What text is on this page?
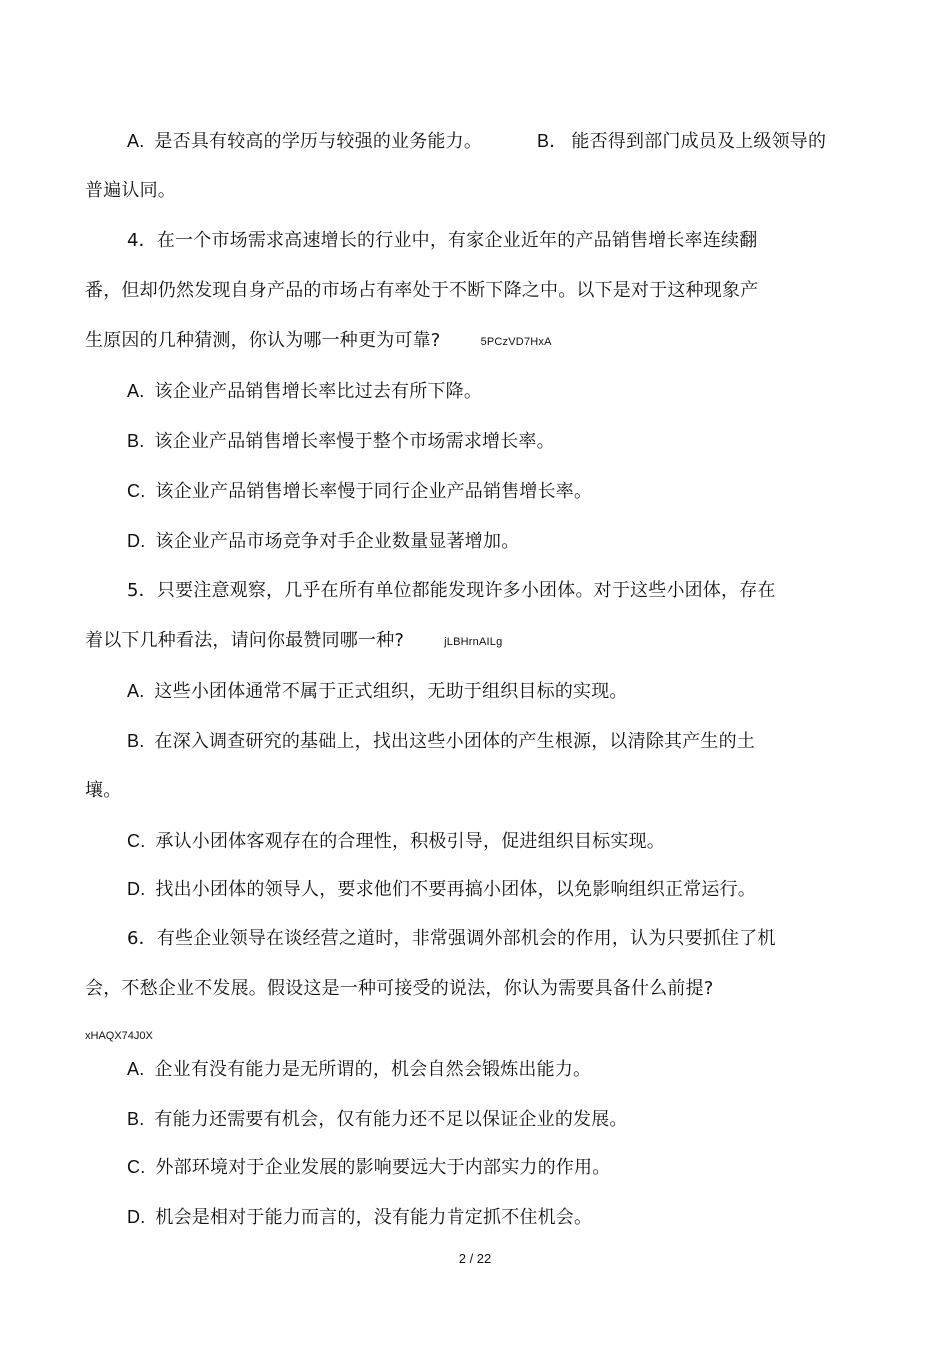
A. 是否具有较高的学历与较强的业务能力。	B． 能否得到部门成员及上级领导的
普遍认同。
4．在一个市场需求高速增长的行业中，有家企业近年的产品销售增长率连续翻
番，但却仍然发现自身产品的市场占有率处于不断下降之中。以下是对于这种现象产
生原因的几种猜测，你认为哪一种更为可靠?	5PCzVD7HxA
A. 该企业产品销售增长率比过去有所下降。
B. 该企业产品销售增长率慢于整个市场需求增长率。
C. 该企业产品销售增长率慢于同行企业产品销售增长率。
D. 该企业产品市场竞争对手企业数量显著增加。
5．只要注意观察，几乎在所有单位都能发现许多小团体。对于这些小团体，存在
着以下几种看法，请问你最赞同哪一种?	jLBHrnAILg
A. 这些小团体通常不属于正式组织，无助于组织目标的实现。
B. 在深入调查研究的基础上，找出这些小团体的产生根源，以清除其产生的土
壤。
C. 承认小团体客观存在的合理性，积极引导，促进组织目标实现。
D. 找出小团体的领导人，要求他们不要再搞小团体，以免影响组织正常运行。
6．有些企业领导在谈经营之道时，非常强调外部机会的作用，认为只要抓住了机
会，不愁企业不发展。假设这是一种可接受的说法，你认为需要具备什么前提?
xHAQX74J0X
A. 企业有没有能力是无所谓的，机会自然会锻炼出能力。
B. 有能力还需要有机会，仅有能力还不足以保证企业的发展。
C. 外部环境对于企业发展的影响要远大于内部实力的作用。
D. 机会是相对于能力而言的，没有能力肯定抓不住机会。
2 / 22
